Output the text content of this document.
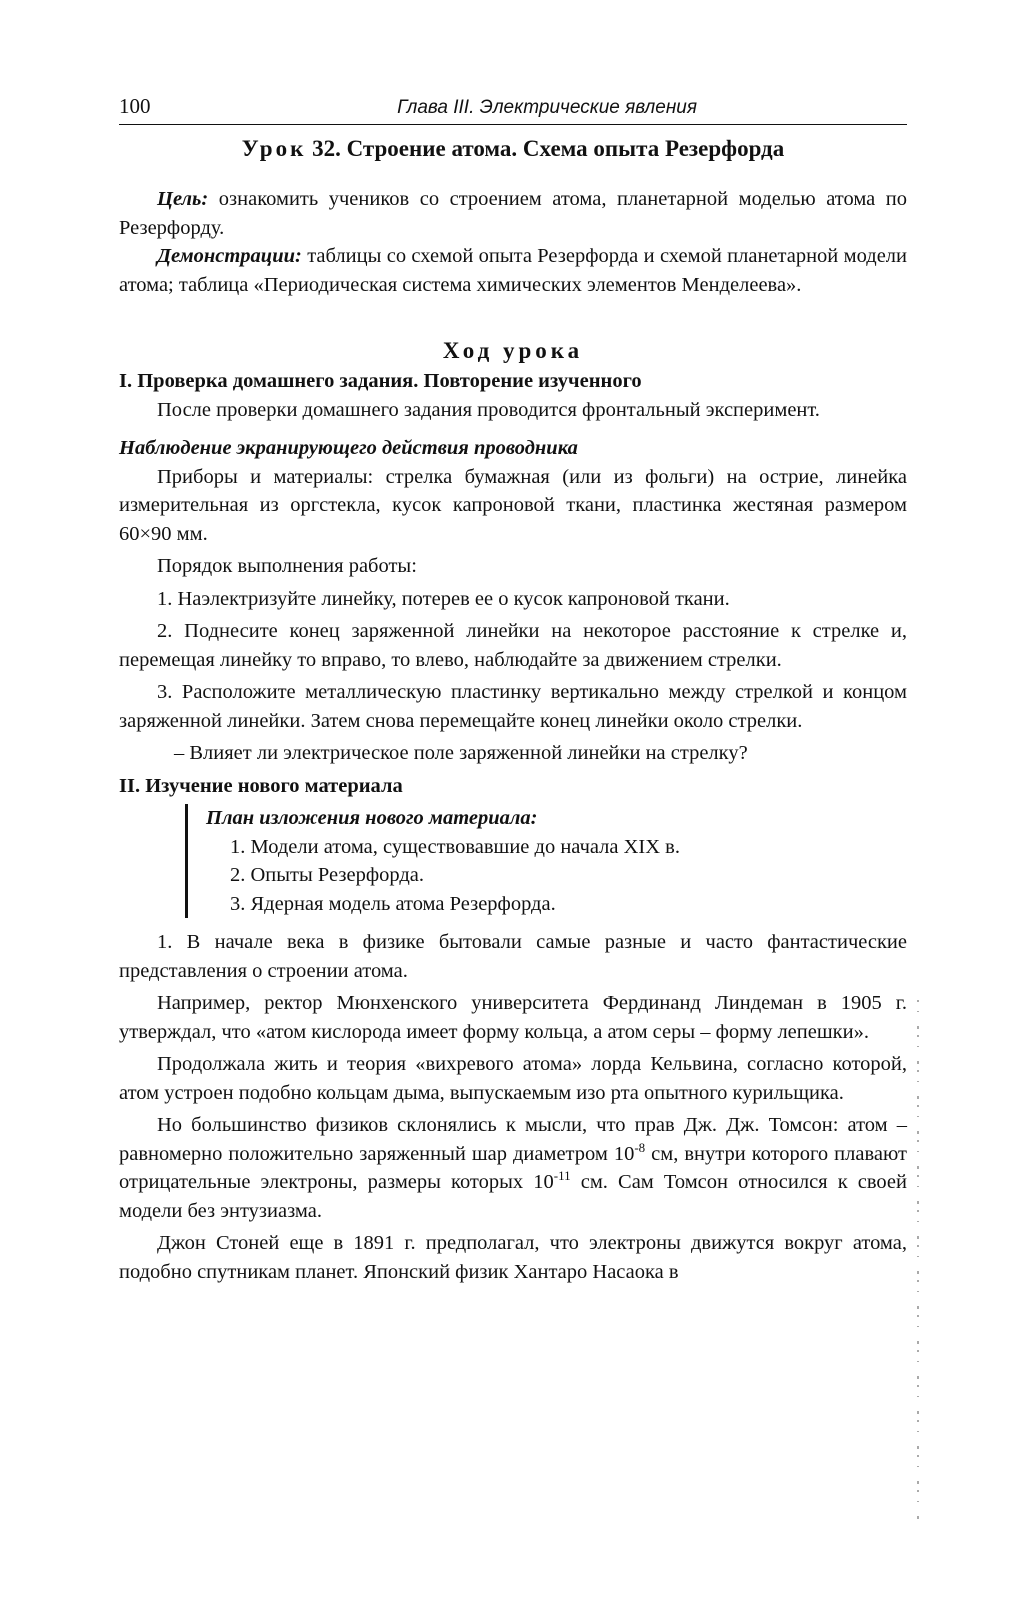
100	Глава III. Электрические явления
Урок 32. Строение атома. Схема опыта Резерфорда

Цель: ознакомить учеников со строением атома, планетарной моделью атома по Резерфорду.

Демонстрации: таблицы со схемой опыта Резерфорда и схемой планетарной модели атома; таблица «Периодическая система химических элементов Менделеева».

Ход урока
I. Проверка домашнего задания. Повторение изученного

После проверки домашнего задания проводится фронтальный эксперимент.

Наблюдение экранирующего действия проводника

Приборы и материалы: стрелка бумажная (или из фольги) на острие, линейка измерительная из оргстекла, кусок капроновой ткани, пластинка жестяная размером 60×90 мм.

Порядок выполнения работы:

1. Наэлектризуйте линейку, потерев ее о кусок капроновой ткани.

2. Поднесите конец заряженной линейки на некоторое расстояние к стрелке и, перемещая линейку то вправо, то влево, наблюдайте за движением стрелки.

3. Расположите металлическую пластинку вертикально между стрелкой и концом заряженной линейки. Затем снова перемещайте конец линейки около стрелки.

– Влияет ли электрическое поле заряженной линейки на стрелку?

II. Изучение нового материала
План изложения нового материала:
1. Модели атома, существовавшие до начала XIX в.
2. Опыты Резерфорда.
3. Ядерная модель атома Резерфорда.

1. В начале века в физике бытовали самые разные и часто фантастические представления о строении атома.

Например, ректор Мюнхенского университета Фердинанд Линдеман в 1905 г. утверждал, что «атом кислорода имеет форму кольца, а атом серы – форму лепешки».

Продолжала жить и теория «вихревого атома» лорда Кельвина, согласно которой, атом устроен подобно кольцам дыма, выпускаемым изо рта опытного курильщика.

Но большинство физиков склонялись к мысли, что прав Дж. Дж. Томсон: атом – равномерно положительно заряженный шар диаметром $10^{-8}$ см, внутри которого плавают отрицательные электроны, размеры которых $10^{-11}$ см. Сам Томсон относился к своей модели без энтузиазма.

Джон Стоней еще в 1891 г. предполагал, что электроны движутся вокруг атома, подобно спутникам планет. Японский физик Хантаро Насаока в
